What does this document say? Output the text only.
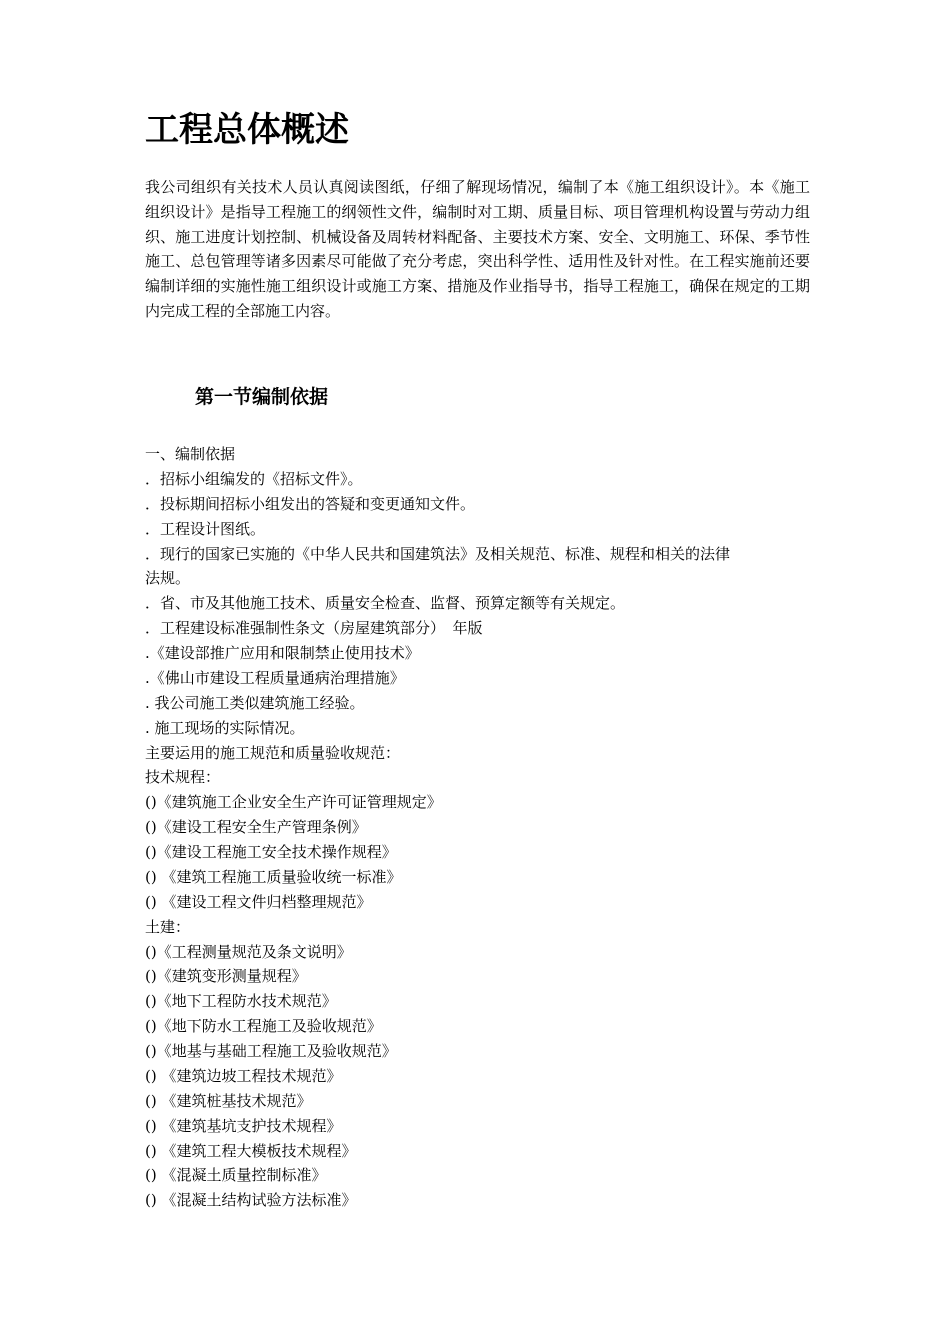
工程总体概述

我公司组织有关技术人员认真阅读图纸，仔细了解现场情况，编制了本《施工组织设计》。本《施工组织设计》是指导工程施工的纲领性文件，编制时对工期、质量目标、项目管理机构设置与劳动力组织、施工进度计划控制、机械设备及周转材料配备、主要技术方案、安全、文明施工、环保、季节性施工、总包管理等诸多因素尽可能做了充分考虑，突出科学性、适用性及针对性。在工程实施前还要编制详细的实施性施工组织设计或施工方案、措施及作业指导书，指导工程施工，确保在规定的工期内完成工程的全部施工内容。

第一节编制依据
一、编制依据
．招标小组编发的《招标文件》。
．投标期间招标小组发出的答疑和变更通知文件。
．工程设计图纸。
．现行的国家已实施的《中华人民共和国建筑法》及相关规范、标准、规程和相关的法律
法规。
．省、市及其他施工技术、质量安全检查、监督、预算定额等有关规定。
．工程建设标准强制性条文（房屋建筑部分）　年版
.《建设部推广应用和限制禁止使用技术》
.《佛山市建设工程质量通病治理措施》
. 我公司施工类似建筑施工经验。
. 施工现场的实际情况。
主要运用的施工规范和质量验收规范：
技术规程：
()《建筑施工企业安全生产许可证管理规定》
()《建设工程安全生产管理条例》
()《建设工程施工安全技术操作规程》
() 《建筑工程施工质量验收统一标准》
() 《建设工程文件归档整理规范》
土建：
()《工程测量规范及条文说明》
()《建筑变形测量规程》
()《地下工程防水技术规范》
()《地下防水工程施工及验收规范》
()《地基与基础工程施工及验收规范》
() 《建筑边坡工程技术规范》
() 《建筑桩基技术规范》
() 《建筑基坑支护技术规程》
() 《建筑工程大模板技术规程》
() 《混凝土质量控制标准》
() 《混凝土结构试验方法标准》
